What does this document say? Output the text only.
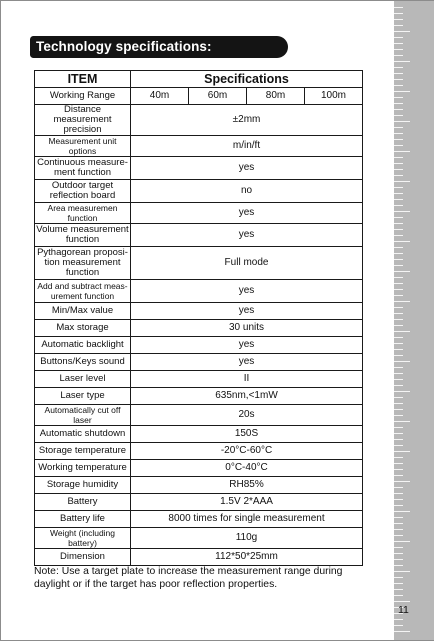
Technology specifications:
ITEM	Specifications			
Working Range	40m	60m	80m	100m
Distance measurement precision	±2mm			
Measurement unit options	m/in/ft			
Continuous measure-ment function	yes			
Outdoor target reflection board	no			
Area measuremen function	yes			
Volume measurement function	yes			
Pythagorean proposi-tion measurement function	Full mode			
Add and subtract meas-urement function	yes			
Min/Max value	yes			
Max storage	30 units			
Automatic backlight	yes			
Buttons/Keys sound	yes			
Laser level	II			
Laser type	635nm,<1mW			
Automatically cut off laser	20s			
Automatic shutdown	150S			
Storage temperature	-20°C-60°C			
Working temperature	0°C-40°C			
Storage humidity	RH85%			
Battery	1.5V 2*AAA			
Battery life	8000 times for single measurement			
Weight (including battery)	110g			
Dimension	112*50*25mm			
Note: Use a target plate to increase the measurement range during daylight or if the target has poor reflection properties.
11
